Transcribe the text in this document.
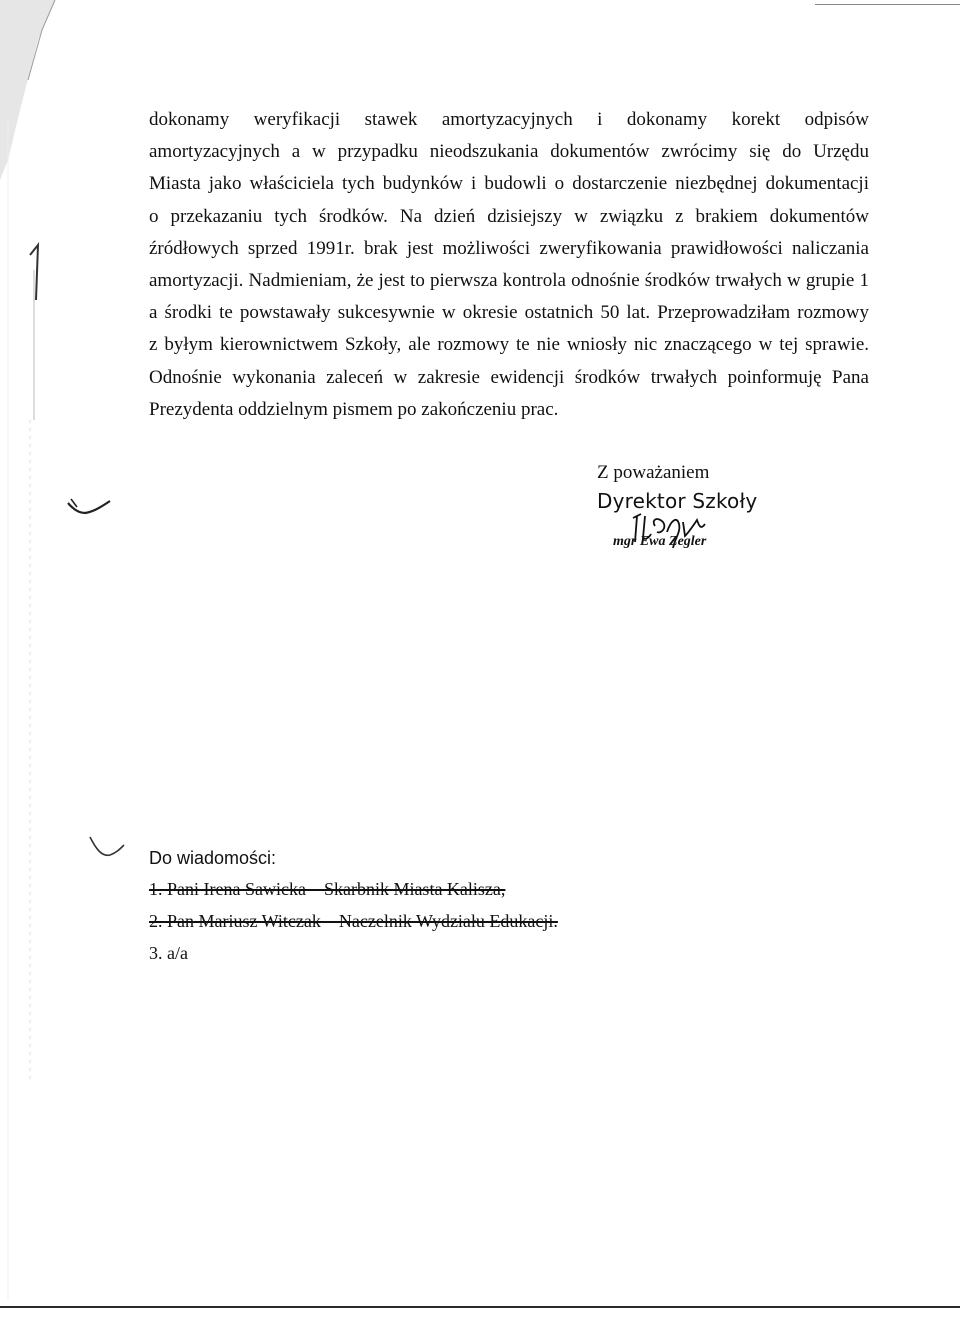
dokonamy weryfikacji stawek amortyzacyjnych i dokonamy korekt odpisów
amortyzacyjnych a w przypadku nieodszukania dokumentów zwrócimy się do Urzędu
Miasta jako właściciela tych budynków i budowli o dostarczenie niezbędnej dokumentacji
o przekazaniu tych środków. Na dzień dzisiejszy w związku z brakiem dokumentów
źródłowych sprzed 1991r. brak jest możliwości zweryfikowania prawidłowości naliczania
amortyzacji. Nadmieniam, że jest to pierwsza kontrola odnośnie środków trwałych w grupie 1
a środki te powstawały sukcesywnie w okresie ostatnich 50 lat. Przeprowadziłam rozmowy
z byłym kierownictwem Szkoły, ale rozmowy te nie wniosły nic znaczącego w tej sprawie.
Odnośnie wykonania zaleceń w zakresie ewidencji środków trwałych poinformuję Pana
Prezydenta oddzielnym pismem po zakończeniu prac.
Z poważaniem
Dyrektor Szkoły
mgr Ewa Zegler
Do wiadomości:
1. Pani Irena Sawicka – Skarbnik Miasta Kalisza,
2. Pan Mariusz Witczak – Naczelnik Wydziału Edukacji.
3. a/a
